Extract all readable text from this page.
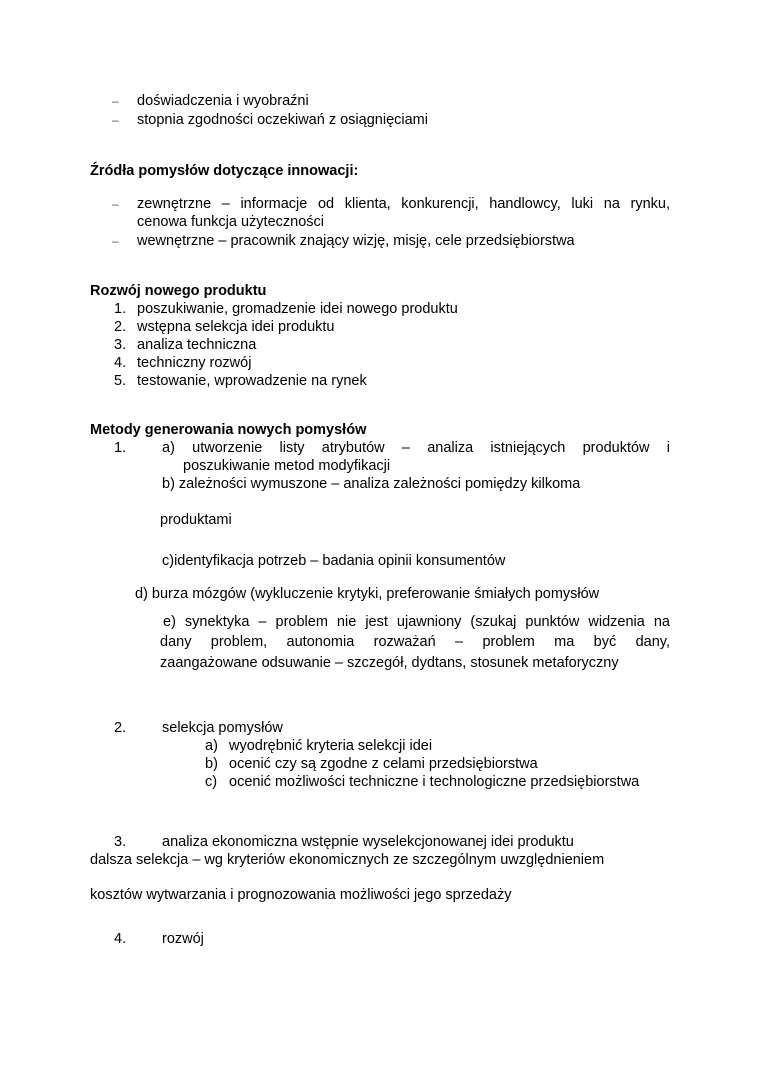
– doświadczenia i wyobraźni
– stopnia zgodności oczekiwań z osiągnięciami
Źródła pomysłów dotyczące innowacji:
– zewnętrzne – informacje od klienta, konkurencji, handlowcy, luki na rynku,
cenowa funkcja użyteczności
– wewnętrzne – pracownik znający wizję, misję, cele przedsiębiorstwa
Rozwój nowego produktu
1. poszukiwanie, gromadzenie idei nowego produktu
2. wstępna selekcja idei produktu
3. analiza techniczna
4. techniczny rozwój
5. testowanie, wprowadzenie na rynek
Metody generowania nowych pomysłów
1. a) utworzenie listy atrybutów – analiza istniejących produktów i
poszukiwanie metod modyfikacji
b) zależności wymuszone – analiza zależności pomiędzy kilkoma
produktami
c)identyfikacja potrzeb – badania opinii konsumentów
d) burza mózgów (wykluczenie krytyki, preferowanie śmiałych pomysłów
e) synektyka – problem nie jest ujawniony (szukaj punktów widzenia na
dany problem, autonomia rozważań – problem ma być dany,
zaangażowane odsuwanie – szczegół, dydtans, stosunek metaforyczny
2. selekcja pomysłów
a) wyodrębnić kryteria selekcji idei
b) ocenić czy są zgodne z celami przedsiębiorstwa
c) ocenić możliwości techniczne i technologiczne przedsiębiorstwa
3. analiza ekonomiczna wstępnie wyselekcjonowanej idei produktu
dalsza selekcja – wg kryteriów ekonomicznych ze szczególnym uwzględnieniem
kosztów wytwarzania i prognozowania możliwości jego sprzedaży
4. rozwój
